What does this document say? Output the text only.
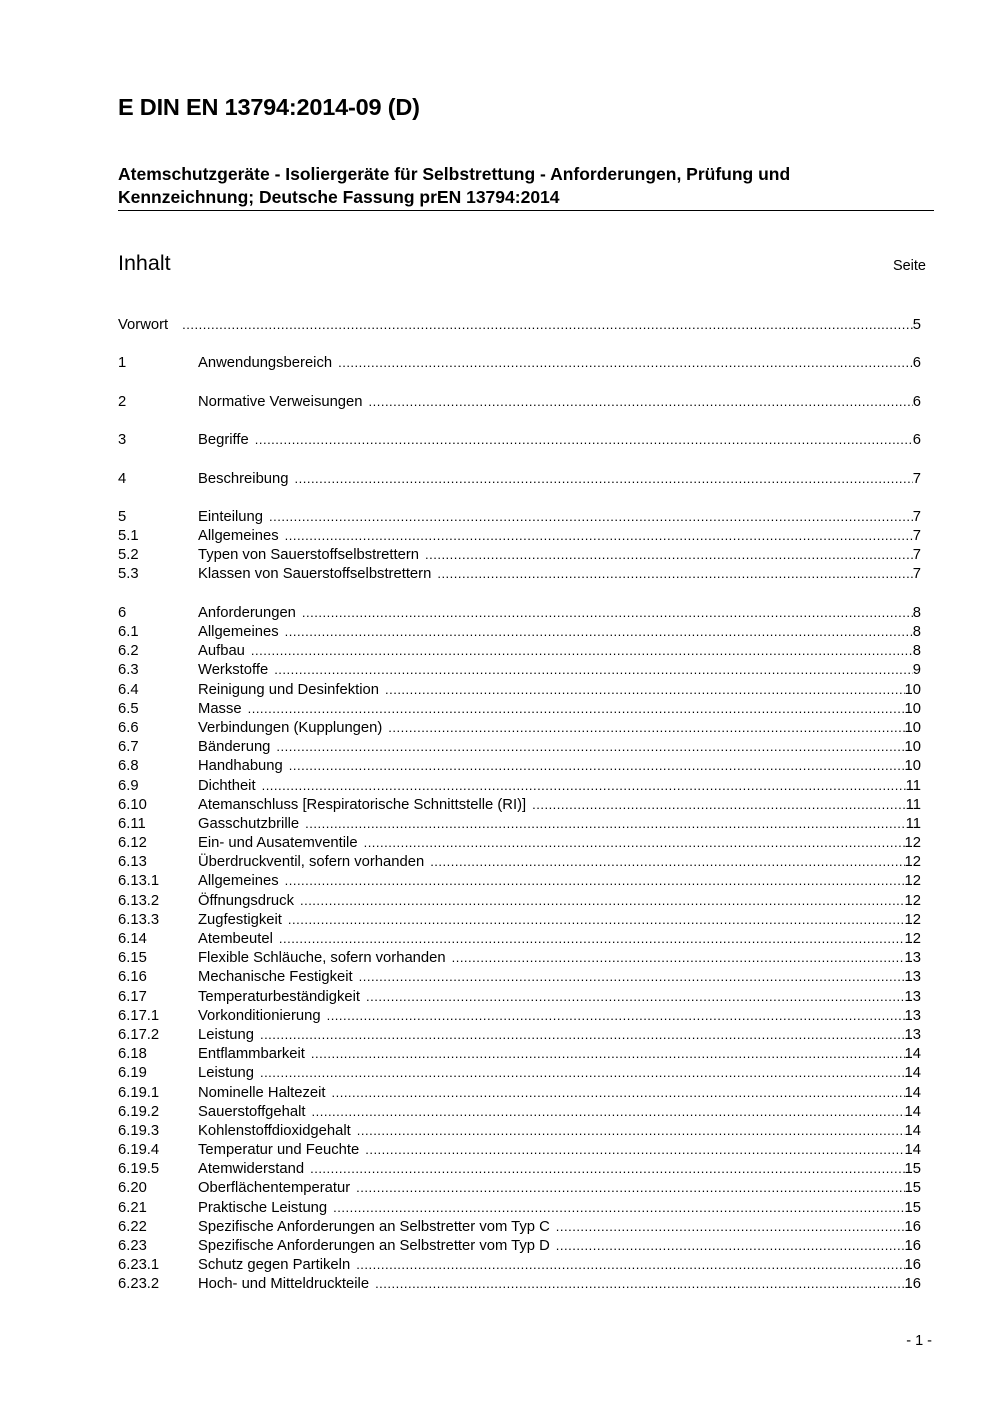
E DIN EN 13794:2014-09 (D)
Atemschutzgeräte - Isoliergeräte für Selbstrettung - Anforderungen, Prüfung und
Kennzeichnung; Deutsche Fassung prEN 13794:2014
Inhalt	Seite
Vorwort .....	5
1	Anwendungsbereich .....	6
2	Normative Verweisungen .....	6
3	Begriffe .....	6
4	Beschreibung .....	7
5	Einteilung .....	7
5.1	Allgemeines .....	7
5.2	Typen von Sauerstoffselbstrettern .....	7
5.3	Klassen von Sauerstoffselbstrettern .....	7
6	Anforderungen .....	8
6.1	Allgemeines .....	8
6.2	Aufbau .....	8
6.3	Werkstoffe .....	9
6.4	Reinigung und Desinfektion .....	10
6.5	Masse .....	10
6.6	Verbindungen (Kupplungen) .....	10
6.7	Bänderung .....	10
6.8	Handhabung .....	10
6.9	Dichtheit .....	11
6.10	Atemanschluss [Respiratorische Schnittstelle (RI)] .....	11
6.11	Gasschutzbrille .....	11
6.12	Ein- und Ausatemventile .....	12
6.13	Überdruckventil, sofern vorhanden .....	12
6.13.1	Allgemeines .....	12
6.13.2	Öffnungsdruck .....	12
6.13.3	Zugfestigkeit .....	12
6.14	Atembeutel .....	12
6.15	Flexible Schläuche, sofern vorhanden .....	13
6.16	Mechanische Festigkeit .....	13
6.17	Temperaturbeständigkeit .....	13
6.17.1	Vorkonditionierung .....	13
6.17.2	Leistung .....	13
6.18	Entflammbarkeit .....	14
6.19	Leistung .....	14
6.19.1	Nominelle Haltezeit .....	14
6.19.2	Sauerstoffgehalt .....	14
6.19.3	Kohlenstoffdioxidgehalt .....	14
6.19.4	Temperatur und Feuchte .....	14
6.19.5	Atemwiderstand .....	15
6.20	Oberflächentemperatur .....	15
6.21	Praktische Leistung .....	15
6.22	Spezifische Anforderungen an Selbstretter vom Typ C .....	16
6.23	Spezifische Anforderungen an Selbstretter vom Typ D .....	16
6.23.1	Schutz gegen Partikeln .....	16
6.23.2	Hoch- und Mitteldruckteile .....	16
- 1 -
